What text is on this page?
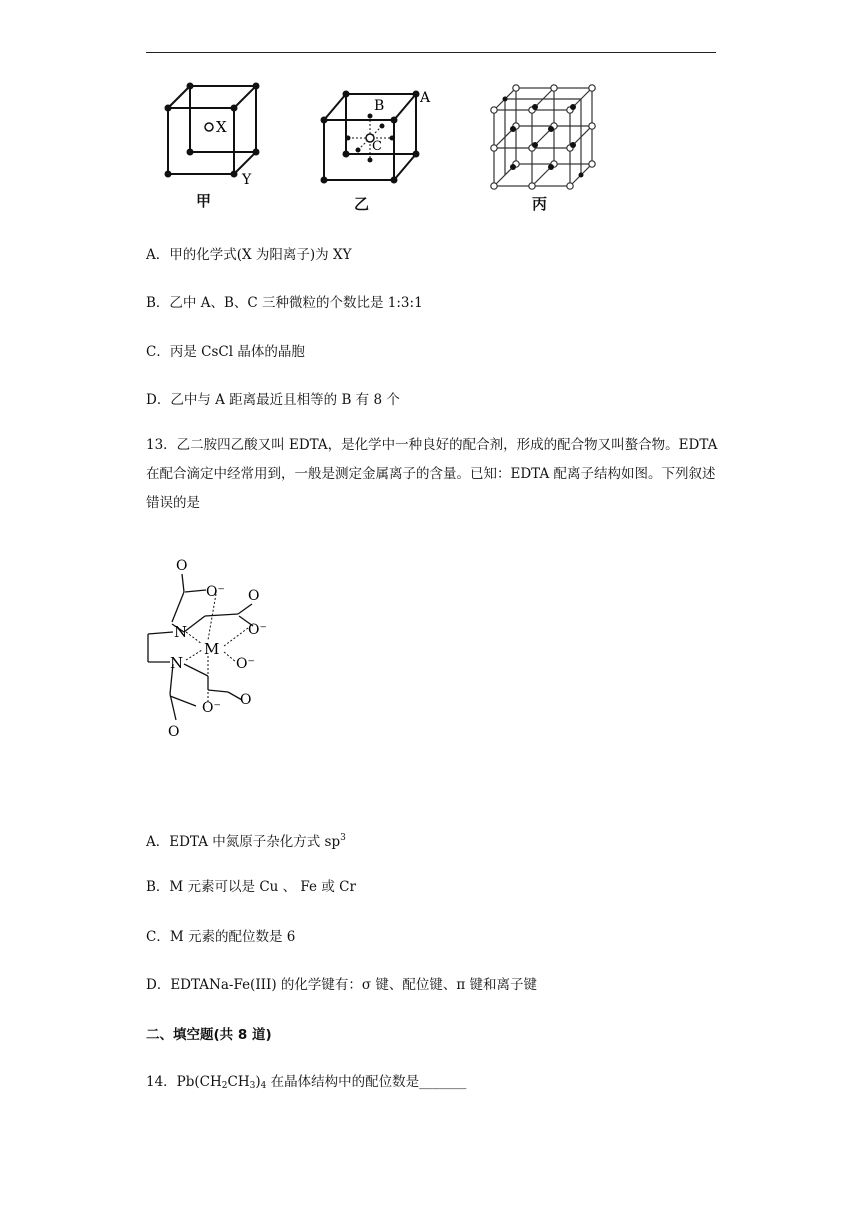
X
Y
甲
A
B
C
乙	丙
A．甲的化学式(X 为阳离子)为 XY
B．乙中 A、B、C 三种微粒的个数比是 1:3:1
C．丙是 CsCl 晶体的晶胞
D．乙中与 A 距离最近且相等的 B 有 8 个
13．乙二胺四乙酸又叫 EDTA，是化学中一种良好的配合剂，形成的配合物又叫螯合物。EDTA 在配合滴定中经常用到，一般是测定金属离子的含量。已知：EDTA 配离子结构如图。下列叙述错误的是
O
O⁻ O
O⁻
N
M
N	O⁻
O
O⁻
O
A．EDTA 中氮原子杂化方式 $sp^3$
B．M 元素可以是 Cu 、 Fe 或 Cr
C．M 元素的配位数是 6
D．EDTANa-Fe(III) 的化学键有：σ 键、配位键、π 键和离子键
二、填空题(共 8 道)
14．$Pb(CH_2CH_3)_4$ 在晶体结构中的配位数是_______
